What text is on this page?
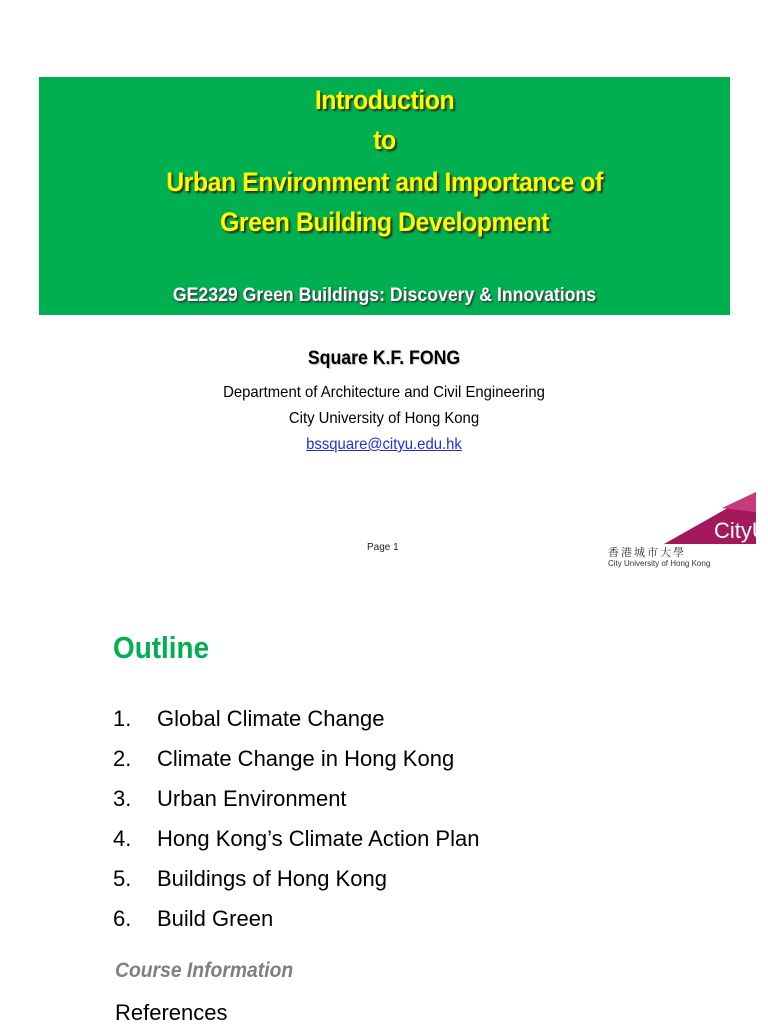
Introduction
to
Urban Environment and Importance of
Green Building Development
GE2329 Green Buildings: Discovery & Innovations
Square K.F. FONG
Department of Architecture and Civil Engineering
City University of Hong Kong
bssquare@cityu.edu.hk
Page 1
CityU
香港城市大學
City University of Hong Kong
Outline
1.	Global Climate Change
2.	Climate Change in Hong Kong
3.	Urban Environment
4.	Hong Kong’s Climate Action Plan
5.	Buildings of Hong Kong
6.	Build Green
Course Information
References
